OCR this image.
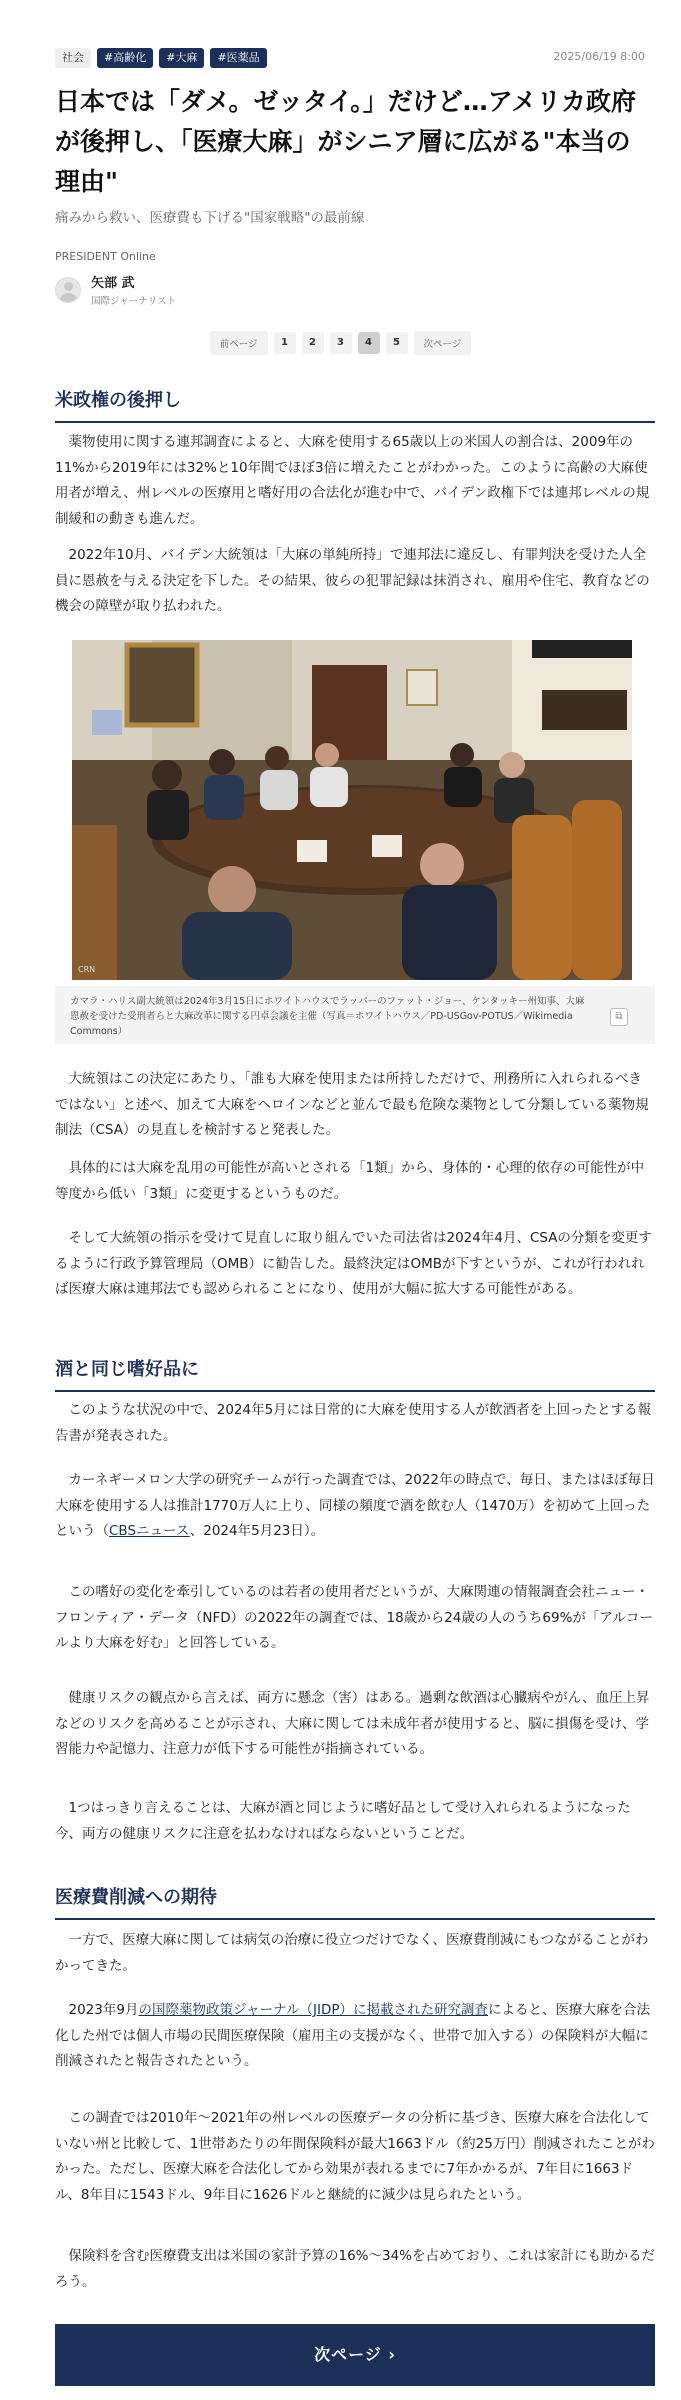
社会	#高齢化	#大麻	#医薬品	2025/06/19 8:00
日本では「ダメ。ゼッタイ。」だけど…アメリカ政府が後押し、「医療大麻」がシニア層に広がる"本当の理由"
痛みから救い、医療費も下げる"国家戦略"の最前線
PRESIDENT Online
矢部 武
国際ジャーナリスト
前ページ	1	2	3	4	5	次ページ
米政権の後押し

　薬物使用に関する連邦調査によると、大麻を使用する65歳以上の米国人の割合は、2009年の11%から2019年には32%と10年間でほぼ3倍に増えたことがわかった。このように高齢の大麻使用者が増え、州レベルの医療用と嗜好用の合法化が進む中で、バイデン政権下では連邦レベルの規制緩和の動きも進んだ。

　2022年10月、バイデン大統領は「大麻の単純所持」で連邦法に違反し、有罪判決を受けた人全員に恩赦を与える決定を下した。その結果、彼らの犯罪記録は抹消され、雇用や住宅、教育などの機会の障壁が取り払われた。

CRN
カマラ・ハリス副大統領は2024年3月15日にホワイトハウスでラッパーのファット・ジョー、ケンタッキー州知事、大麻恩赦を受けた受刑者らと大麻改革に関する円卓会議を主催（写真＝ホワイトハウス／PD-USGov-POTUS／Wikimedia Commons）
⧉

　大統領はこの決定にあたり、「誰も大麻を使用または所持しただけで、刑務所に入れられるべきではない」と述べ、加えて大麻をヘロインなどと並んで最も危険な薬物として分類している薬物規制法（CSA）の見直しを検討すると発表した。

　具体的には大麻を乱用の可能性が高いとされる「1類」から、身体的・心理的依存の可能性が中等度から低い「3類」に変更するというものだ。

　そして大統領の指示を受けて見直しに取り組んでいた司法省は2024年4月、CSAの分類を変更するように行政予算管理局（OMB）に勧告した。最終決定はOMBが下すというが、これが行われれば医療大麻は連邦法でも認められることになり、使用が大幅に拡大する可能性がある。

酒と同じ嗜好品に

　このような状況の中で、2024年5月には日常的に大麻を使用する人が飲酒者を上回ったとする報告書が発表された。

　カーネギーメロン大学の研究チームが行った調査では、2022年の時点で、毎日、またはほぼ毎日大麻を使用する人は推計1770万人に上り、同様の頻度で酒を飲む人（1470万）を初めて上回ったという（CBSニュース、2024年5月23日）。

　この嗜好の変化を牽引しているのは若者の使用者だというが、大麻関連の情報調査会社ニュー・フロンティア・データ（NFD）の2022年の調査では、18歳から24歳の人のうち69%が「アルコールより大麻を好む」と回答している。

　健康リスクの観点から言えば、両方に懸念（害）はある。過剰な飲酒は心臓病やがん、血圧上昇などのリスクを高めることが示され、大麻に関しては未成年者が使用すると、脳に損傷を受け、学習能力や記憶力、注意力が低下する可能性が指摘されている。

　1つはっきり言えることは、大麻が酒と同じように嗜好品として受け入れられるようになった今、両方の健康リスクに注意を払わなければならないということだ。

医療費削減への期待

　一方で、医療大麻に関しては病気の治療に役立つだけでなく、医療費削減にもつながることがわかってきた。

　2023年9月の国際薬物政策ジャーナル（JIDP）に掲載された研究調査によると、医療大麻を合法化した州では個人市場の民間医療保険（雇用主の支援がなく、世帯で加入する）の保険料が大幅に削減されたと報告されたという。

　この調査では2010年～2021年の州レベルの医療データの分析に基づき、医療大麻を合法化していない州と比較して、1世帯あたりの年間保険料が最大1663ドル（約25万円）削減されたことがわかった。ただし、医療大麻を合法化してから効果が表れるまでに7年かかるが、7年目に1663ドル、8年目に1543ドル、9年目に1626ドルと継続的に減少は見られたという。

　保険料を含む医療費支出は米国の家計予算の16%～34%を占めており、これは家計にも助かるだろう。

次ページ ›
